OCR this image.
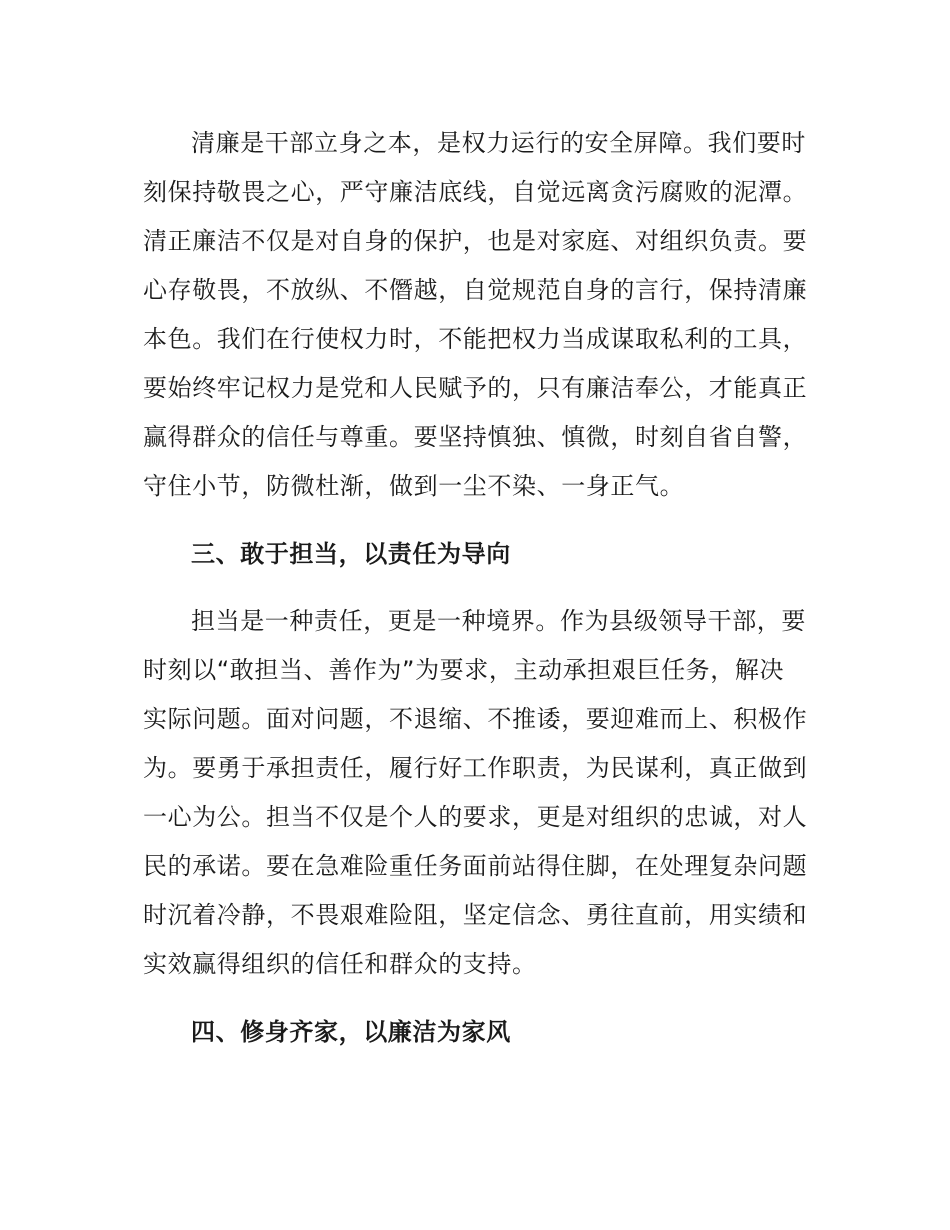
清廉是干部立身之本，是权力运行的安全屏障。我们要时
刻保持敬畏之心，严守廉洁底线，自觉远离贪污腐败的泥潭。
清正廉洁不仅是对自身的保护，也是对家庭、对组织负责。要
心存敬畏，不放纵、不僭越，自觉规范自身的言行，保持清廉
本色。我们在行使权力时，不能把权力当成谋取私利的工具，
要始终牢记权力是党和人民赋予的，只有廉洁奉公，才能真正
赢得群众的信任与尊重。要坚持慎独、慎微，时刻自省自警，
守住小节，防微杜渐，做到一尘不染、一身正气。
三、敢于担当，以责任为导向
担当是一种责任，更是一种境界。作为县级领导干部，要
时刻以“敢担当、善作为”为要求，主动承担艰巨任务，解决
实际问题。面对问题，不退缩、不推诿，要迎难而上、积极作
为。要勇于承担责任，履行好工作职责，为民谋利，真正做到
一心为公。担当不仅是个人的要求，更是对组织的忠诚，对人
民的承诺。要在急难险重任务面前站得住脚，在处理复杂问题
时沉着冷静，不畏艰难险阻，坚定信念、勇往直前，用实绩和
实效赢得组织的信任和群众的支持。
四、修身齐家，以廉洁为家风
